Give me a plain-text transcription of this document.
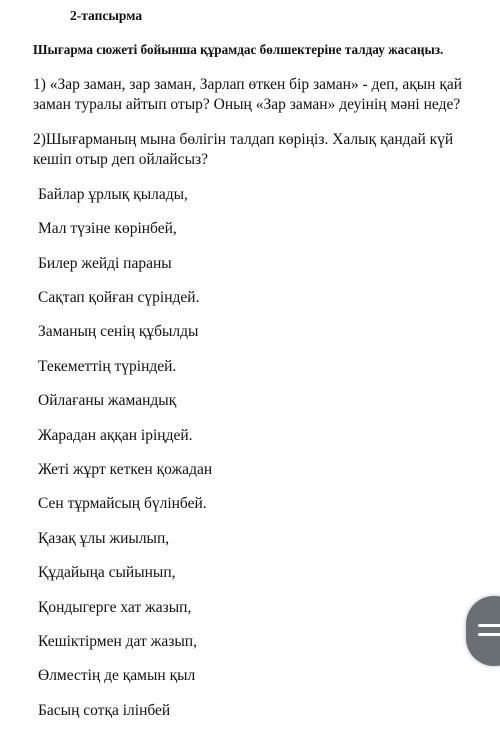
2-тапсырма

Шығарма сюжеті бойынша құрамдас бөлшектеріне талдау жасаңыз.

1) «Зар заман, зар заман, Зарлап өткен бір заман» - деп, ақын қай заман туралы айтып отыр? Оның «Зар заман» деуінің мәні неде?

2)Шығарманың мына бөлігін талдап көріңіз. Халық қандай күй кешіп отыр деп ойлайсыз?

Байлар ұрлық қылады,

Мал түзіне көрінбей,

Билер жейді параны

Сақтап қойған сүріндей.

Заманың сенің құбылды

Текеметтің түріндей.

Ойлағаны жамандық

Жарадан аққан іріңдей.

Жеті жұрт кеткен қожадан

Сен тұрмайсың бүлінбей.

Қазақ ұлы жиылып,

Құдайыңа сыйынып,

Қондыгерге хат жазып,

Кешіктірмен дат жазып,

Өлместің де қамын қыл

Басың сотқа ілінбей
